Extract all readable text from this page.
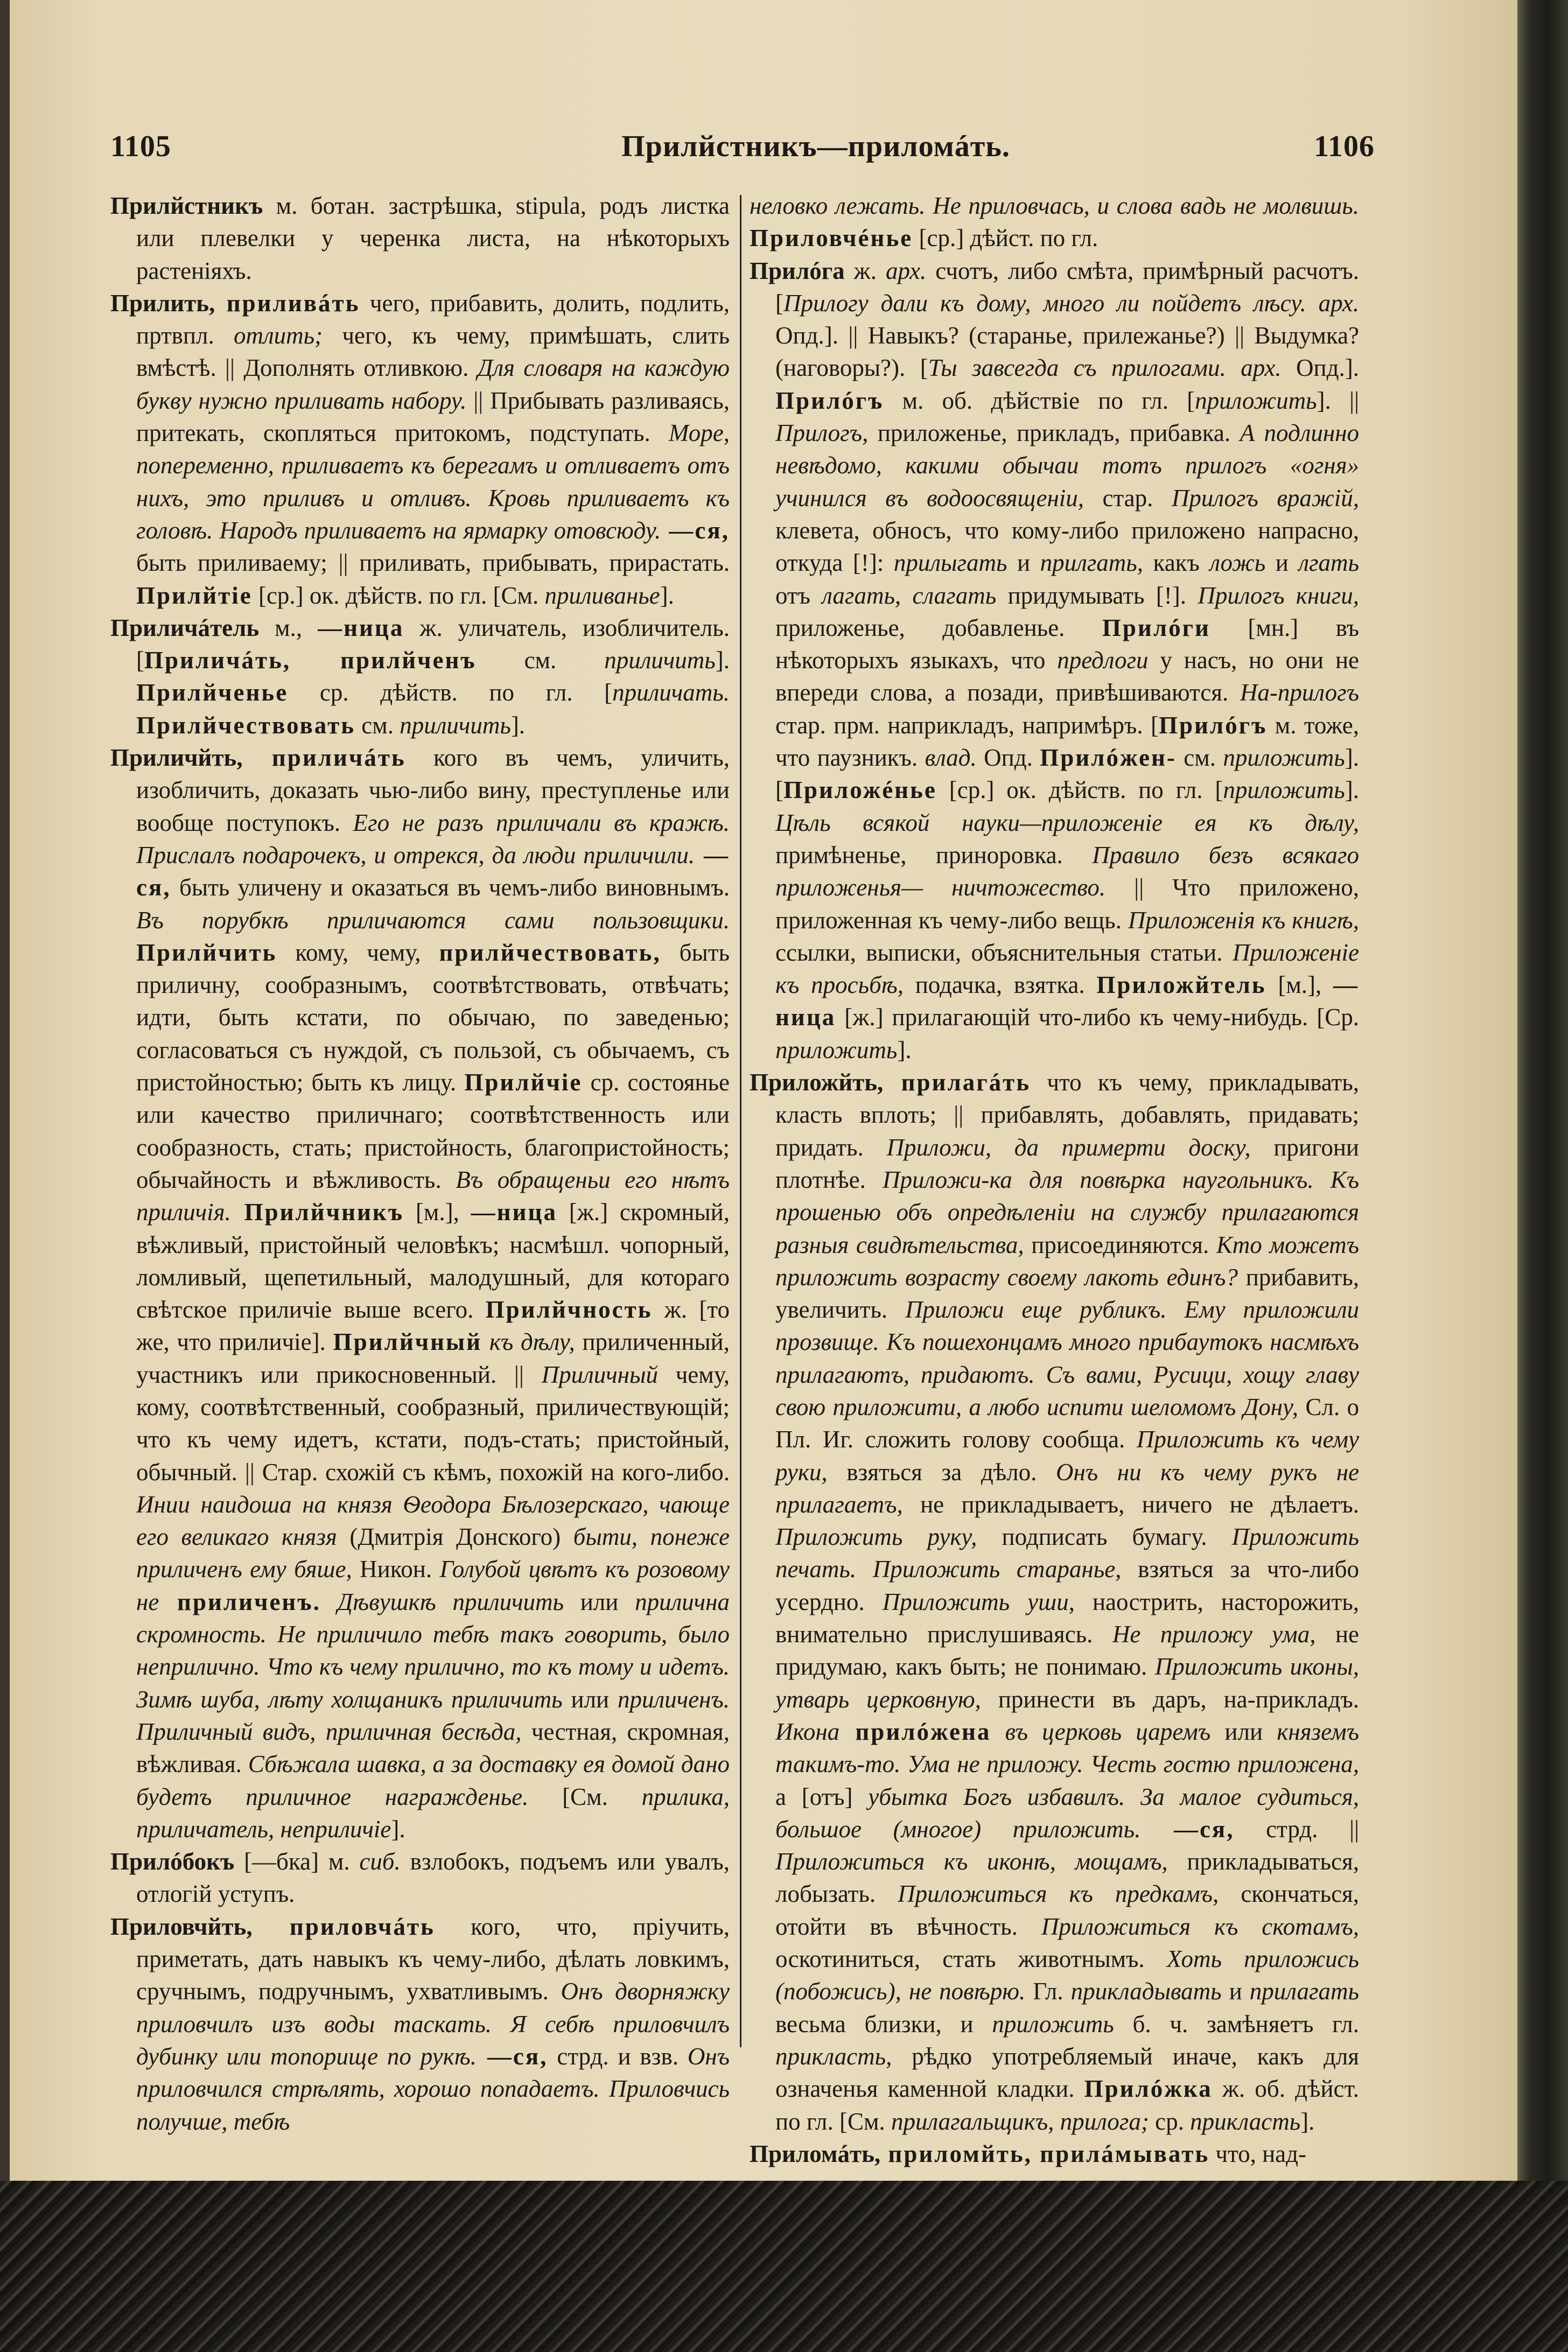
1105	Прилйстникъ—приломáть.	1106
Прилйстникъ м. ботан. застрѣшка, stipula, родъ листка или плевелки у черенка листа, на нѣкоторыхъ растеніяхъ.
Прилить, приливáть чего, прибавить, долить, подлить, пртвпл. отлить; чего, къ чему, примѣшать, слить вмѣстѣ. || Дополнять отливкою. Для словаря на каждую букву нужно приливать набору. || Прибывать разливаясь, притекать, скопляться притокомъ, подступать. Море, попеременно, приливаетъ къ берегамъ и отливаетъ отъ нихъ, это приливъ и отливъ. Кровь приливаетъ къ головѣ. Народъ приливаетъ на ярмарку отовсюду. —ся, быть приливаему; || приливать, прибывать, прирастать. Прилйтіе [ср.] ок. дѣйств. по гл. [См. приливанье].
Приличáтель м., —ница ж. уличатель, изобличитель. [Приличáть, прилйченъ см. приличить]. Прилйченье ср. дѣйств. по гл. [приличать. Прилйчествовать см. приличить].
Приличйть, приличáть кого въ чемъ, уличить, изобличить, доказать чью-либо вину, преступленье или вообще поступокъ. Его не разъ приличали въ кражѣ. Прислалъ подарочекъ, и отрекся, да люди приличили. —ся, быть уличену и оказаться въ чемъ-либо виновнымъ. Въ порубкѣ приличаются сами пользовщики. Прилйчить кому, чему, прилйчествовать, быть приличну, сообразнымъ, соотвѣтствовать, отвѣчать; идти, быть кстати, по обычаю, по заведенью; согласоваться съ нуждой, съ пользой, съ обычаемъ, съ пристойностью; быть къ лицу. Прилйчіе ср. состоянье или качество приличнаго; соотвѣтственность или сообразность, стать; пристойность, благопристойность; обычайность и вѣжливость. Въ обращеньи его нѣтъ приличія. Прилйчникъ [м.], —ница [ж.] скромный, вѣжливый, пристойный человѣкъ; насмѣшл. чопорный, ломливый, щепетильный, малодушный, для котораго свѣтское приличіе выше всего. Прилйчность ж. [то же, что приличіе]. Прилйчный къ дѣлу, приличенный, участникъ или прикосновенный. || Приличный чему, кому, соотвѣтственный, сообразный, приличествующій; что къ чему идетъ, кстати, подъ-стать; пристойный, обычный. || Стар. схожій съ кѣмъ, похожій на кого-либо. Инии наидоша на князя Ѳеодора Бѣлозерскаго, чающе его великаго князя (Дмитрія Донского) быти, понеже приличенъ ему бяше, Никон. Голубой цвѣтъ къ розовому не приличенъ. Дѣвушкѣ приличить или прилична скромность. Не приличило тебѣ такъ говорить, было неприлично. Что къ чему прилично, то къ тому и идетъ. Зимѣ шуба, лѣту холщаникъ приличить или приличенъ. Приличный видъ, приличная бесѣда, честная, скромная, вѣжливая. Сбѣжала шавка, а за доставку ея домой дано будетъ приличное награжденье. [См. прилика, приличатель, неприличіе].
Прилóбокъ [—бка] м. сиб. взлобокъ, подъемъ или увалъ, отлогій уступъ.
Приловчйть, приловчáть кого, что, пріучить, приметать, дать навыкъ къ чему-либо, дѣлать ловкимъ, сручнымъ, подручнымъ, ухватливымъ. Онъ дворняжку приловчилъ изъ воды таскать. Я себѣ приловчилъ дубинку или топорище по рукѣ. —ся, стрд. и взв. Онъ приловчился стрѣлять, хорошо попадаетъ. Приловчись получше, тебѣ
неловко лежать. Не приловчась, и слова вадь не молвишь. Приловчéнье [ср.] дѣйст. по гл.
Прилóга ж. арх. счотъ, либо смѣта, примѣрный расчотъ. [Прилогу дали къ дому, много ли пойдетъ лѣсу. арх. Опд.]. || Навыкъ? (старанье, прилежанье?) || Выдумка? (наговоры?). [Ты завсегда съ прилогами. арх. Опд.]. Прилóгъ м. об. дѣйствіе по гл. [приложить]. || Прилогъ, приложенье, прикладъ, прибавка. А подлинно невѣдомо, какими обычаи тотъ прилогъ «огня» учинился въ водоосвященіи, стар. Прилогъ вражій, клевета, обносъ, что кому-либо приложено напрасно, откуда [!]: прилыгать и прилгать, какъ ложь и лгать отъ лагать, слагать придумывать [!]. Прилогъ книги, приложенье, добавленье. Прилóги [мн.] въ нѣкоторыхъ языкахъ, что предлоги у насъ, но они не впереди слова, а позади, привѣшиваются. На-прилогъ стар. прм. наприкладъ, напримѣръ. [Прилóгъ м. тоже, что паузникъ. влад. Опд. Прилóжен- см. приложить]. [Приложéнье [ср.] ок. дѣйств. по гл. [приложить]. Цѣль всякой науки—приложеніе ея къ дѣлу, примѣненье, приноровка. Правило безъ всякаго приложенья— ничтожество. || Что приложено, приложенная къ чему-либо вещь. Приложенія къ книгѣ, ссылки, выписки, объяснительныя статьи. Приложеніе къ просьбѣ, подачка, взятка. Приложйтель [м.], —ница [ж.] прилагающій что-либо къ чему-нибудь. [Ср. приложить].
Приложйть, прилагáть что къ чему, прикладывать, класть вплоть; || прибавлять, добавлять, придавать; придать. Приложи, да примерти доску, пригони плотнѣе. Приложи-ка для повѣрка наугольникъ. Къ прошенью объ опредѣленіи на службу прилагаются разныя свидѣтельства, присоединяются. Кто можетъ приложить возрасту своему лакоть единъ? прибавить, увеличить. Приложи еще рубликъ. Ему приложили прозвище. Къ пошехонцамъ много прибаутокъ насмѣхъ прилагаютъ, придаютъ. Съ вами, Русици, хощу главу свою приложити, а любо испити шеломомъ Дону, Сл. о Пл. Иг. сложить голову сообща. Приложить къ чему руки, взяться за дѣло. Онъ ни къ чему рукъ не прилагаетъ, не прикладываетъ, ничего не дѣлаетъ. Приложить руку, подписать бумагу. Приложить печать. Приложить старанье, взяться за что-либо усердно. Приложить уши, наострить, насторожить, внимательно прислушиваясь. Не приложу ума, не придумаю, какъ быть; не понимаю. Приложить иконы, утварь церковную, принести въ даръ, на-прикладъ. Икона прилóжена въ церковь царемъ или княземъ такимъ-то. Ума не приложу. Честь гостю приложена, а [отъ] убытка Богъ избавилъ. За малое судиться, большое (многое) приложить. —ся, стрд. || Приложиться къ иконѣ, мощамъ, прикладываться, лобызать. Приложиться къ предкамъ, скончаться, отойти въ вѣчность. Приложиться къ скотамъ, оскотиниться, стать животнымъ. Хоть приложись (побожись), не повѣрю. Гл. прикладывать и прилагать весьма близки, и приложить б. ч. замѣняетъ гл. прикласть, рѣдко употребляемый иначе, какъ для означенья каменной кладки. Прилóжка ж. об. дѣйст. по гл. [См. прилагальщикъ, прилога; ср. прикласть].
Приломáть, приломйть, прилáмывать что, над-
